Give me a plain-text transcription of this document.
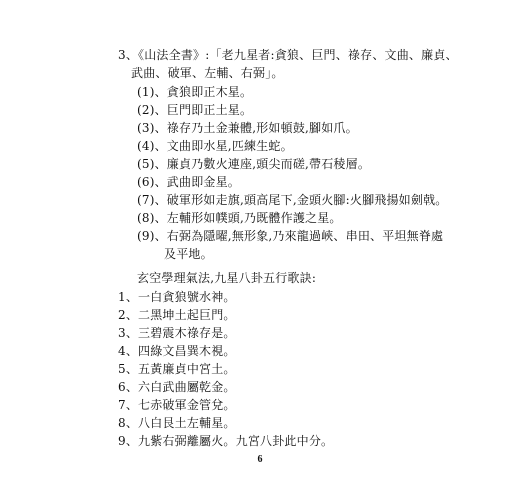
3、《山法全書》:「老九星者:貪狼、巨門、祿存、文曲、廉貞、
武曲、破軍、左輔、右弼」。
(1)、貪狼即正木星。
(2)、巨門即正土星。
(3)、祿存乃土金兼體,形如頓鼓,腳如爪。
(4)、文曲即水星,匹練生蛇。
(5)、廉貞乃數火連座,頭尖而磋,帶石稜層。
(6)、武曲即金星。
(7)、破軍形如走旗,頭高尾下,金頭火腳:火腳飛揚如劍戟。
(8)、左輔形如幞頭,乃既體作護之星。
(9)、右弼為隱曜,無形象,乃來龍過峽、串田、平坦無脊處
及平地。
玄空學理氣法,九星八卦五行歌訣:
1、一白貪狼號水神。
2、二黑坤土起巨門。
3、三碧震木祿存是。
4、四綠文昌巽木視。
5、五黃廉貞中宮土。
6、六白武曲屬乾金。
7、七赤破軍金管兌。
8、八白艮土左輔星。
9、九紫右弼離屬火。九宮八卦此中分。
6
